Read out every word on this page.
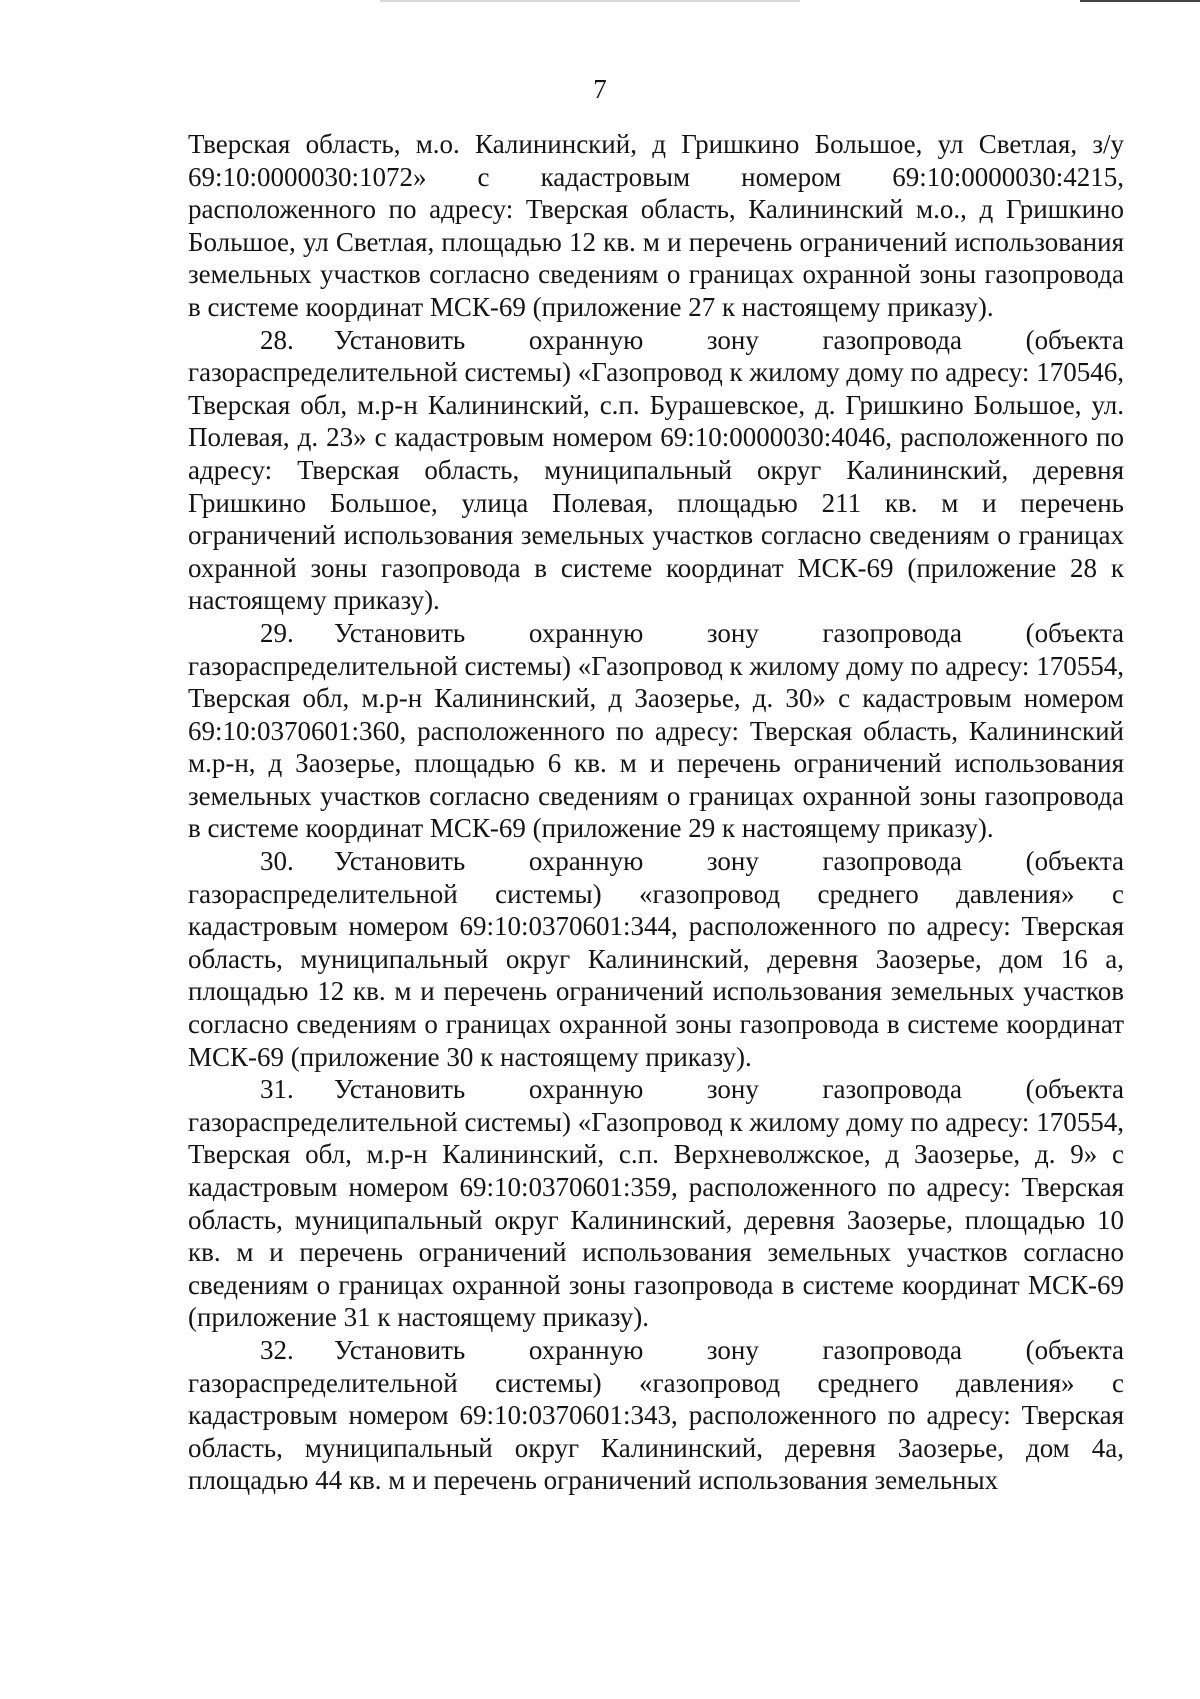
7

Тверская область, м.о. Калининский, д Гришкино Большое, ул Светлая, з/у 69:10:0000030:1072» с кадастровым номером 69:10:0000030:4215, расположенного по адресу: Тверская область, Калининский м.о., д Гришкино Большое, ул Светлая, площадью 12 кв. м и перечень ограничений использования земельных участков согласно сведениям о границах охранной зоны газопровода в системе координат МСК-69 (приложение 27 к настоящему приказу).

28. Установить охранную зону газопровода (объекта газораспределительной системы) «Газопровод к жилому дому по адресу: 170546, Тверская обл, м.р-н Калининский, с.п. Бурашевское, д. Гришкино Большое, ул. Полевая, д. 23» с кадастровым номером 69:10:0000030:4046, расположенного по адресу: Тверская область, муниципальный округ Калининский, деревня Гришкино Большое, улица Полевая, площадью 211 кв. м и перечень ограничений использования земельных участков согласно сведениям о границах охранной зоны газопровода в системе координат МСК-69 (приложение 28 к настоящему приказу).

29. Установить охранную зону газопровода (объекта газораспределительной системы) «Газопровод к жилому дому по адресу: 170554, Тверская обл, м.р-н Калининский, д Заозерье, д. 30» с кадастровым номером 69:10:0370601:360, расположенного по адресу: Тверская область, Калининский м.р-н, д Заозерье, площадью 6 кв. м и перечень ограничений использования земельных участков согласно сведениям о границах охранной зоны газопровода в системе координат МСК-69 (приложение 29 к настоящему приказу).

30. Установить охранную зону газопровода (объекта газораспределительной системы) «газопровод среднего давления» с кадастровым номером 69:10:0370601:344, расположенного по адресу: Тверская область, муниципальный округ Калининский, деревня Заозерье, дом 16 а, площадью 12 кв. м и перечень ограничений использования земельных участков согласно сведениям о границах охранной зоны газопровода в системе координат МСК-69 (приложение 30 к настоящему приказу).

31. Установить охранную зону газопровода (объекта газораспределительной системы) «Газопровод к жилому дому по адресу: 170554, Тверская обл, м.р-н Калининский, с.п. Верхневолжское, д Заозерье, д. 9» с кадастровым номером 69:10:0370601:359, расположенного по адресу: Тверская область, муниципальный округ Калининский, деревня Заозерье, площадью 10 кв. м и перечень ограничений использования земельных участков согласно сведениям о границах охранной зоны газопровода в системе координат МСК-69 (приложение 31 к настоящему приказу).

32. Установить охранную зону газопровода (объекта газораспределительной системы) «газопровод среднего давления» с кадастровым номером 69:10:0370601:343, расположенного по адресу: Тверская область, муниципальный округ Калининский, деревня Заозерье, дом 4а, площадью 44 кв. м и перечень ограничений использования земельных
